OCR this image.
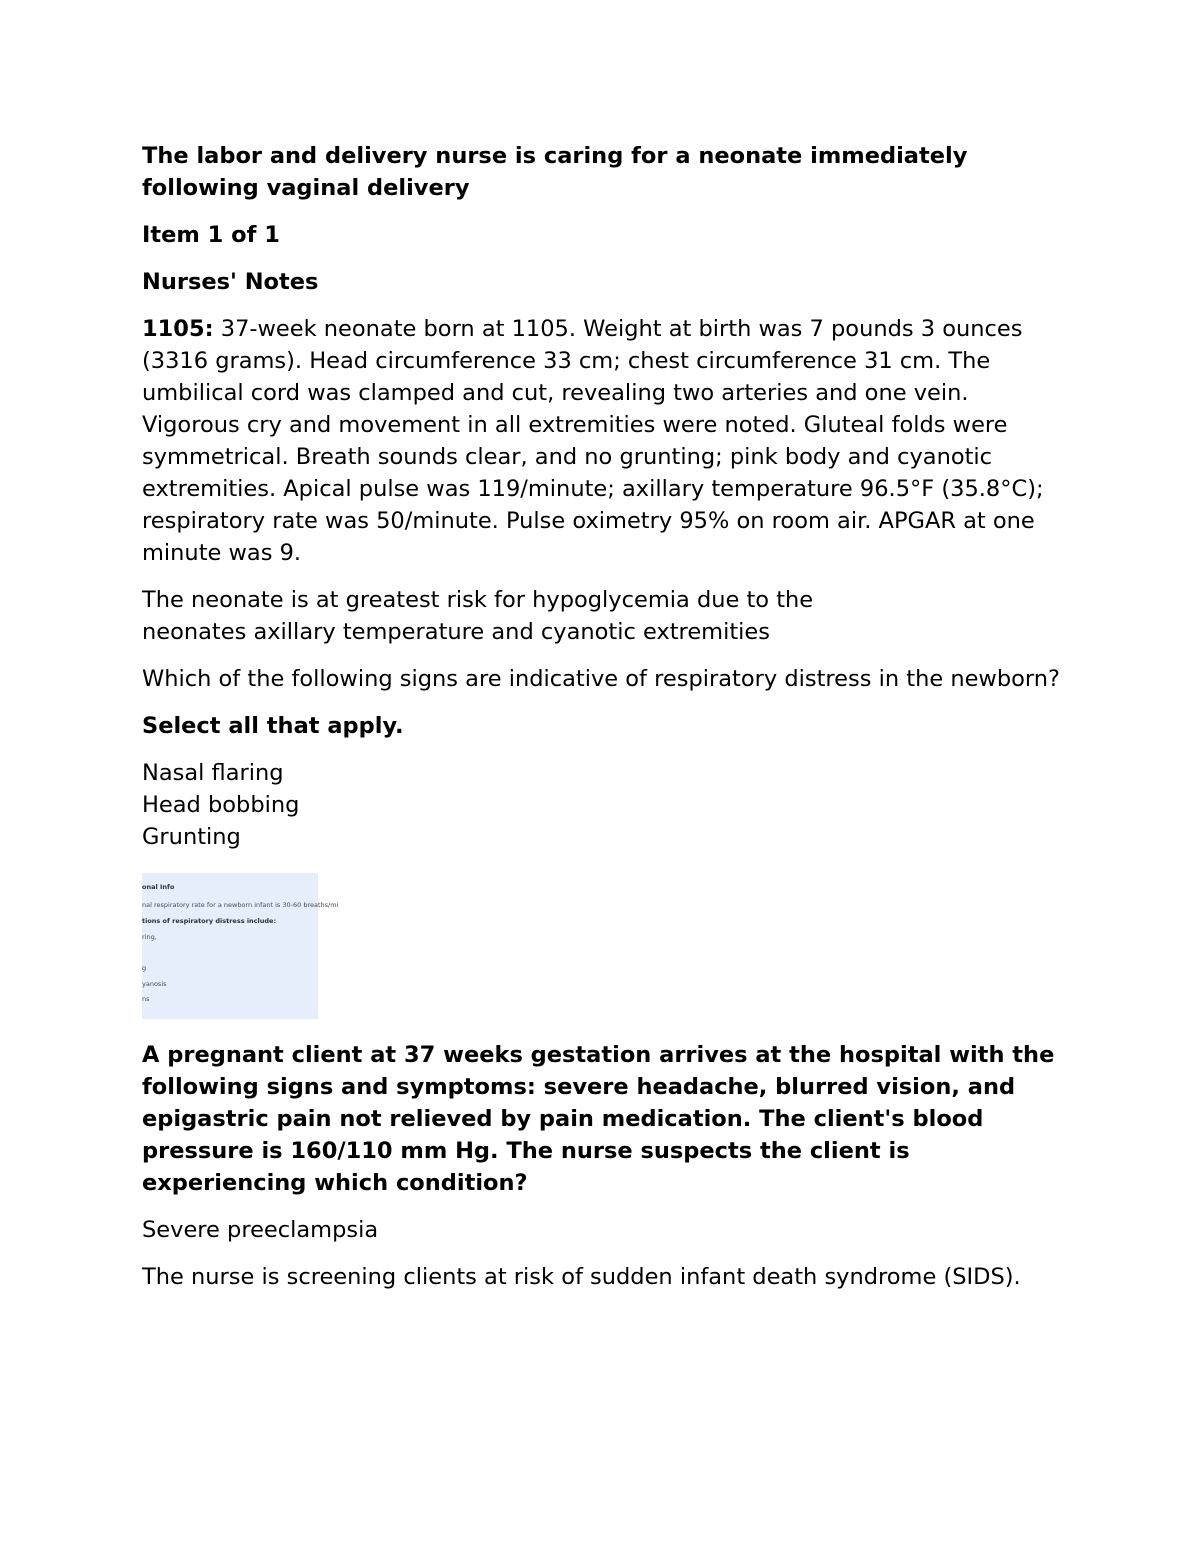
The labor and delivery nurse is caring for a neonate immediately following vaginal delivery

Item 1 of 1

Nurses' Notes

1105: 37-week neonate born at 1105. Weight at birth was 7 pounds 3 ounces (3316 grams). Head circumference 33 cm; chest circumference 31 cm. The umbilical cord was clamped and cut, revealing two arteries and one vein. Vigorous cry and movement in all extremities were noted. Gluteal folds were symmetrical. Breath sounds clear, and no grunting; pink body and cyanotic extremities. Apical pulse was 119/minute; axillary temperature 96.5°F (35.8°C); respiratory rate was 50/minute. Pulse oximetry 95% on room air. APGAR at one minute was 9.

The neonate is at greatest risk for hypoglycemia due to the
neonates axillary temperature and cyanotic extremities

Which of the following signs are indicative of respiratory distress in the newborn?

Select all that apply.

Nasal flaring
Head bobbing
Grunting
onal Info
nal respiratory rate for a newborn infant is 30-60 breaths/mi
tions of respiratory distress include:
ring,
g
yanosis
ns

A pregnant client at 37 weeks gestation arrives at the hospital with the following signs and symptoms: severe headache, blurred vision, and epigastric pain not relieved by pain medication. The client's blood pressure is 160/110 mm Hg. The nurse suspects the client is experiencing which condition?

Severe preeclampsia

The nurse is screening clients at risk of sudden infant death syndrome (SIDS).
